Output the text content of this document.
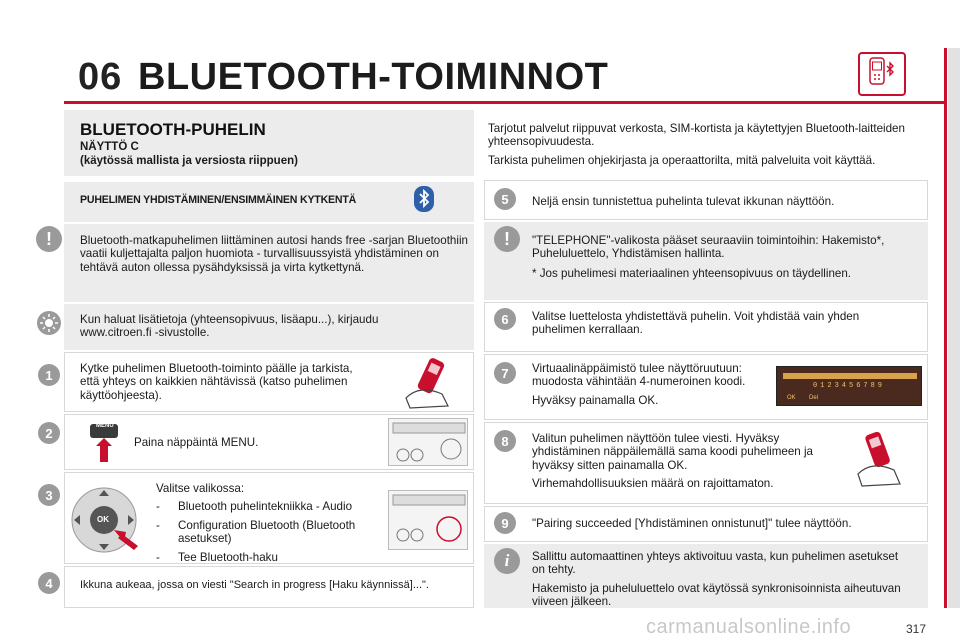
06 BLUETOOTH-TOIMINNOT
BLUETOOTH-PUHELIN
NÄYTTÖ C
(käytössä mallista ja versiosta riippuen)
PUHELIMEN YHDISTÄMINEN/ENSIMMÄINEN KYTKENTÄ
!	Bluetooth-matkapuhelimen liittäminen autosi hands free -sarjan Bluetoothiin vaatii kuljettajalta paljon huomiota - turvallisuussyistä yhdistäminen on tehtävä auton ollessa pysähdyksissä ja virta kytkettynä.
Kun haluat lisätietoja (yhteensopivuus, lisäapu...), kirjaudu www.citroen.fi -sivustolle.
1	Kytke puhelimen Bluetooth-toiminto päälle ja tarkista, että yhteys on kaikkien nähtävissä (katso puhelimen käyttöohjeesta).
2	MENU
Paina näppäintä MENU.
3
OK

Valitse valikossa:

- Bluetooth puhelintekniikka - Audio
- Configuration Bluetooth (Bluetooth asetukset)
- Tee Bluetooth-haku
4	Ikkuna aukeaa, jossa on viesti "Search in progress [Haku käynnissä]...".

Tarjotut palvelut riippuvat verkosta, SIM-kortista ja käytettyjen Bluetooth-laitteiden yhteensopivuudesta.

Tarkista puhelimen ohjekirjasta ja operaattorilta, mitä palveluita voit käyttää.

5	Neljä ensin tunnistettua puhelinta tulevat ikkunan näyttöön.
!	"TELEPHONE"-valikosta pääset seuraaviin toimintoihin: Hakemisto*, Puheluluettelo, Yhdistämisen hallinta.

* Jos puhelimesi materiaalinen yhteensopivuus on täydellinen.

6	Valitse luettelosta yhdistettävä puhelin. Voit yhdistää vain yhden puhelimen kerrallaan.
7	Virtuaalinäppäimistö tulee näyttöruutuun: muodosta vähintään 4-numeroinen koodi.

Hyväksy painamalla OK.

0123456789
OK Del
8	Valitun puhelimen näyttöön tulee viesti. Hyväksy yhdistäminen näppäilemällä sama koodi puhelimeen ja hyväksy sitten painamalla OK.

Virhemahdollisuuksien määrä on rajoittamaton.

9	"Pairing succeeded [Yhdistäminen onnistunut]" tulee näyttöön.
i	Sallittu automaattinen yhteys aktivoituu vasta, kun puhelimen asetukset on tehty.

Hakemisto ja puheluluettelo ovat käytössä synkronisoinnista aiheutuvan viiveen jälkeen.

carmanualsonline.info	317
